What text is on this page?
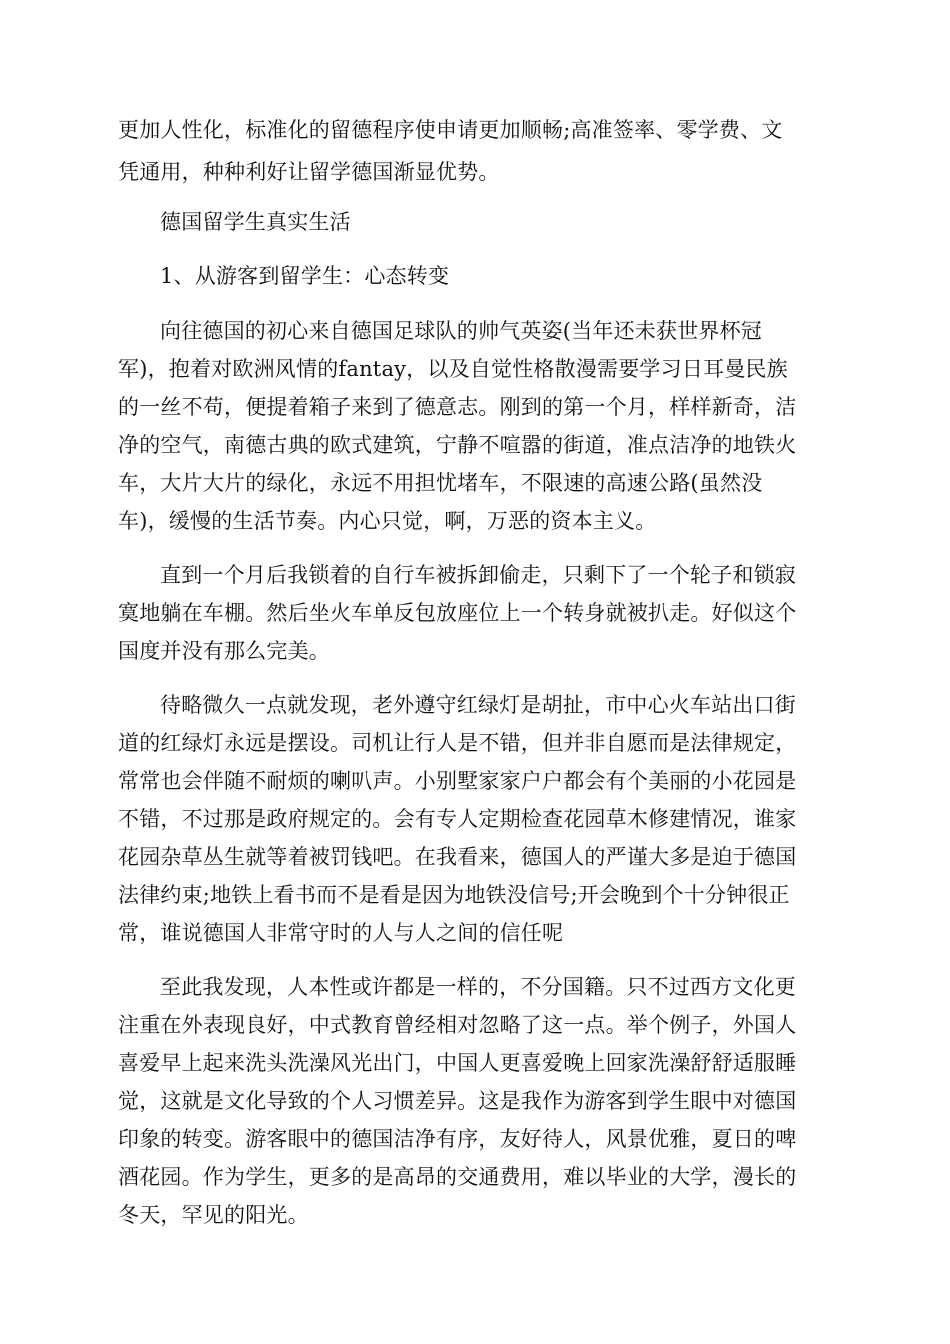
更加人性化，标准化的留德程序使申请更加顺畅;高准签率、零学费、文
凭通用，种种利好让留学德国渐显优势。
德国留学生真实生活
1、从游客到留学生：心态转变
向往德国的初心来自德国足球队的帅气英姿(当年还未获世界杯冠
军)，抱着对欧洲风情的fantay，以及自觉性格散漫需要学习日耳曼民族
的一丝不苟，便提着箱子来到了德意志。刚到的第一个月，样样新奇，洁
净的空气，南德古典的欧式建筑，宁静不喧嚣的街道，准点洁净的地铁火
车，大片大片的绿化，永远不用担忧堵车，不限速的高速公路(虽然没
车)，缓慢的生活节奏。内心只觉，啊，万恶的资本主义。
直到一个月后我锁着的自行车被拆卸偷走，只剩下了一个轮子和锁寂
寞地躺在车棚。然后坐火车单反包放座位上一个转身就被扒走。好似这个
国度并没有那么完美。
待略微久一点就发现，老外遵守红绿灯是胡扯，市中心火车站出口街
道的红绿灯永远是摆设。司机让行人是不错，但并非自愿而是法律规定，
常常也会伴随不耐烦的喇叭声。小别墅家家户户都会有个美丽的小花园是
不错，不过那是政府规定的。会有专人定期检查花园草木修建情况，谁家
花园杂草丛生就等着被罚钱吧。在我看来，德国人的严谨大多是迫于德国
法律约束;地铁上看书而不是看是因为地铁没信号;开会晚到个十分钟很正
常，谁说德国人非常守时的人与人之间的信任呢
至此我发现，人本性或许都是一样的，不分国籍。只不过西方文化更
注重在外表现良好，中式教育曾经相对忽略了这一点。举个例子，外国人
喜爱早上起来洗头洗澡风光出门，中国人更喜爱晚上回家洗澡舒舒适服睡
觉，这就是文化导致的个人习惯差异。这是我作为游客到学生眼中对德国
印象的转变。游客眼中的德国洁净有序，友好待人，风景优雅，夏日的啤
酒花园。作为学生，更多的是高昂的交通费用，难以毕业的大学，漫长的
冬天，罕见的阳光。
